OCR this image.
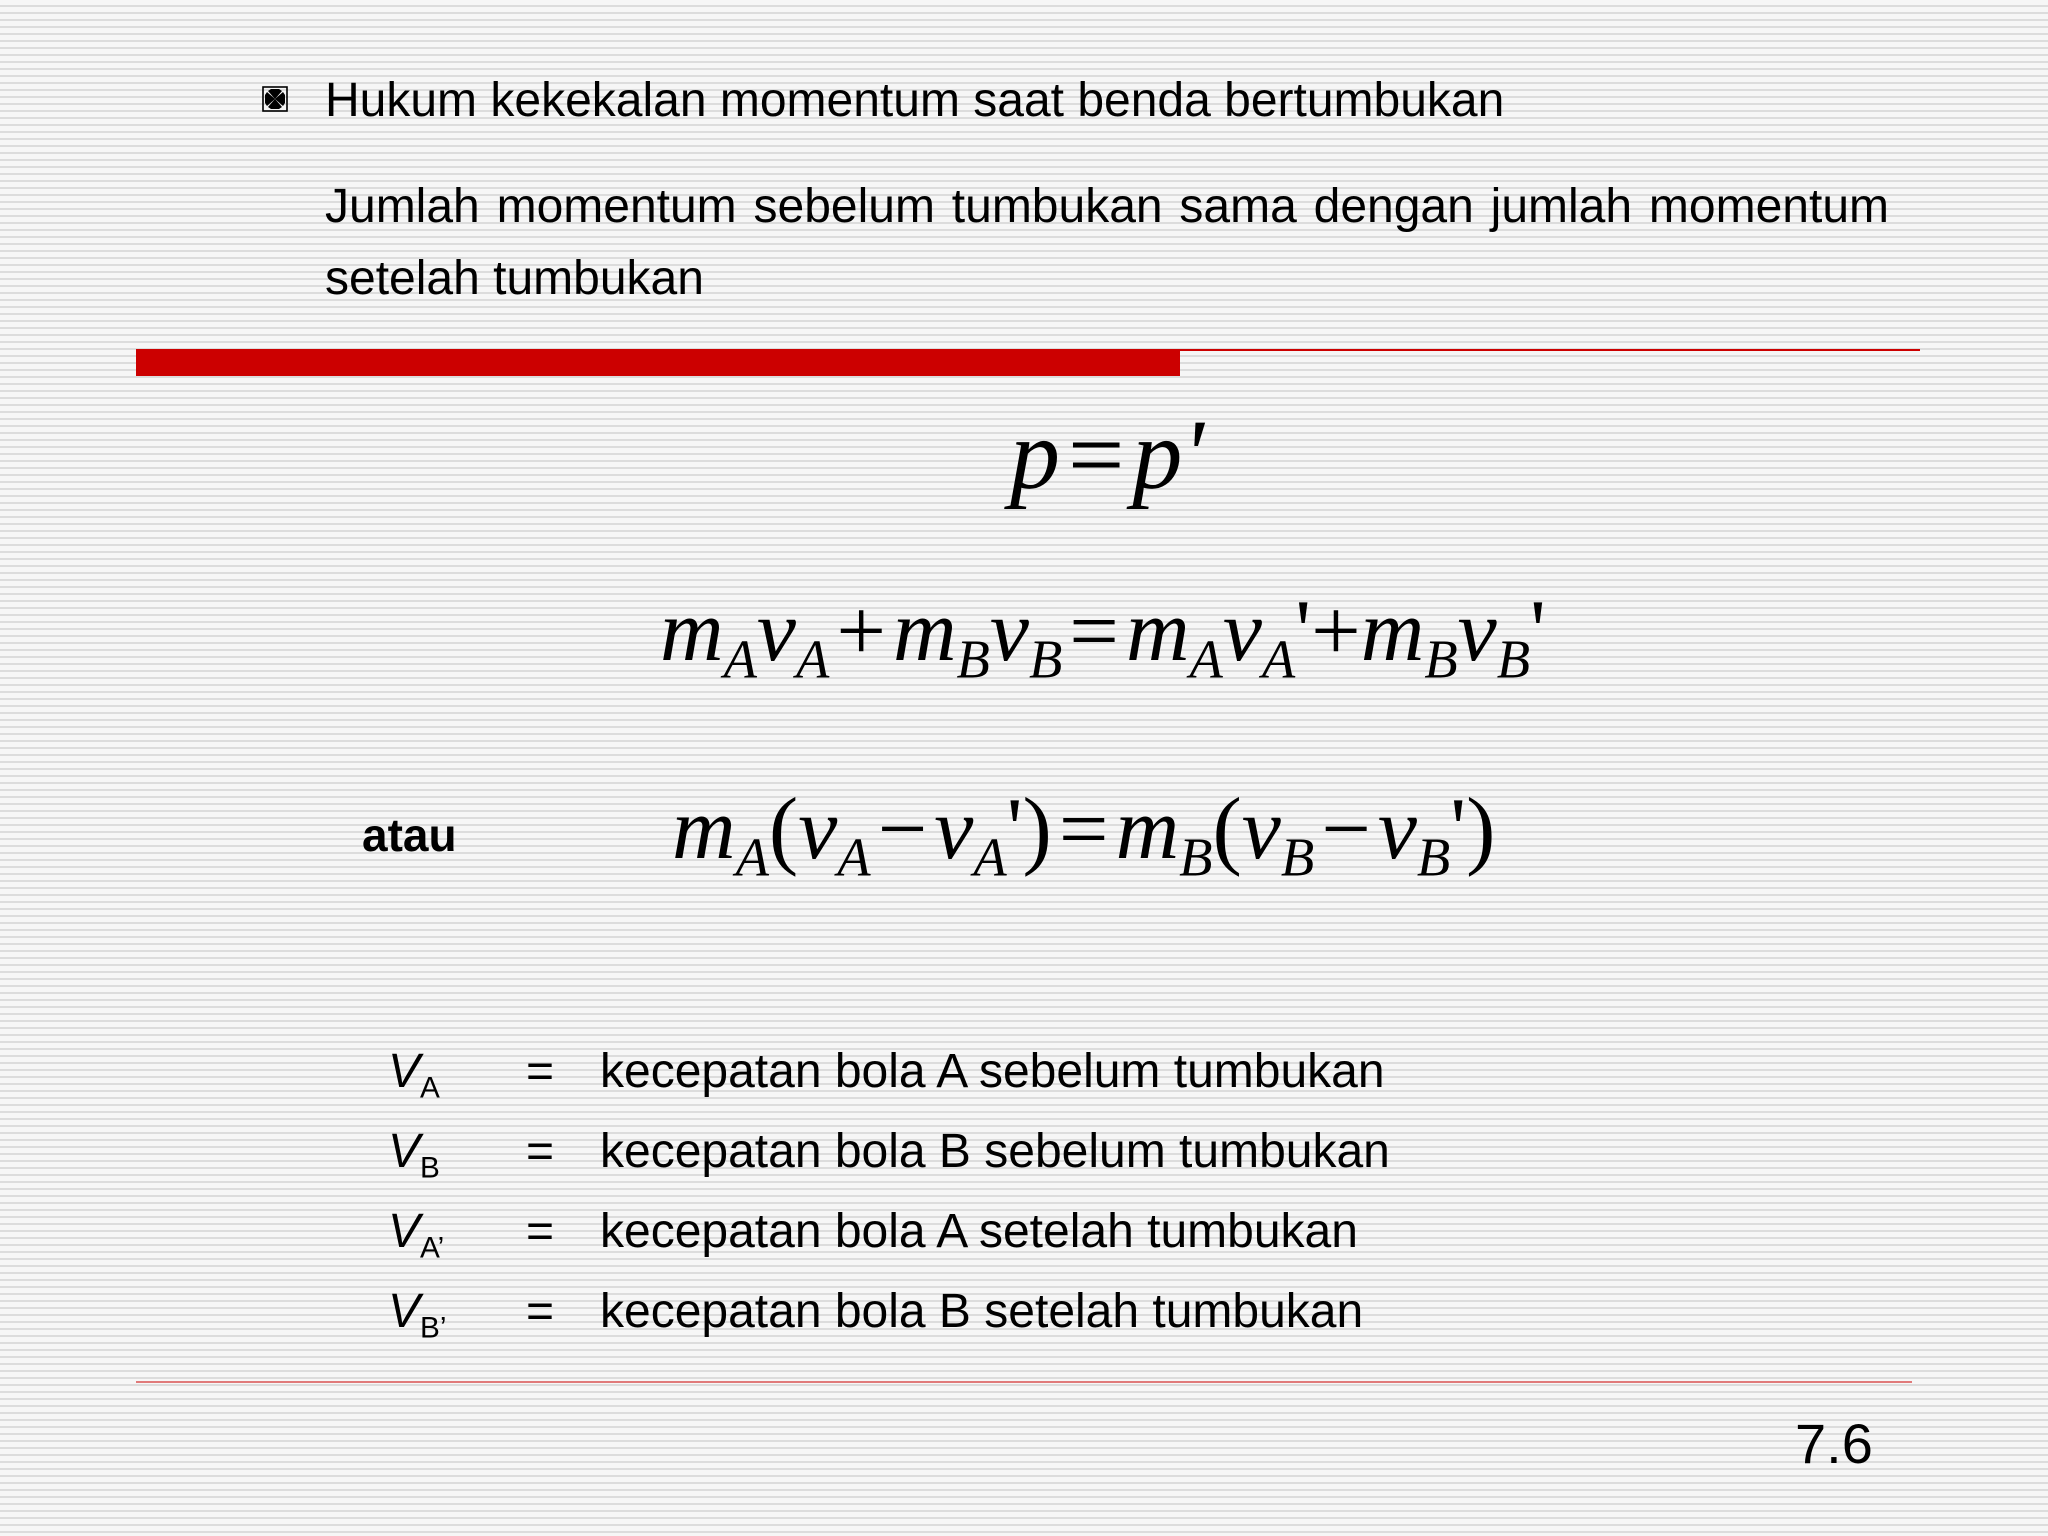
Hukum kekekalan momentum saat benda bertumbukan
Jumlah momentum sebelum tumbukan sama dengan jumlah momentum setelah tumbukan
p=p'
$m_Av_A+m_Bv_B=m_Av_A'+m_Bv_B'$
atau $m_A(v_A-v_A')=m_B(v_B-v_B')$
$V_A$ = kecepatan bola A sebelum tumbukan
$V_B$ = kecepatan bola B sebelum tumbukan
$V_{A’}$ = kecepatan bola A setelah tumbukan
$V_{B’}$ = kecepatan bola B setelah tumbukan
7.6
